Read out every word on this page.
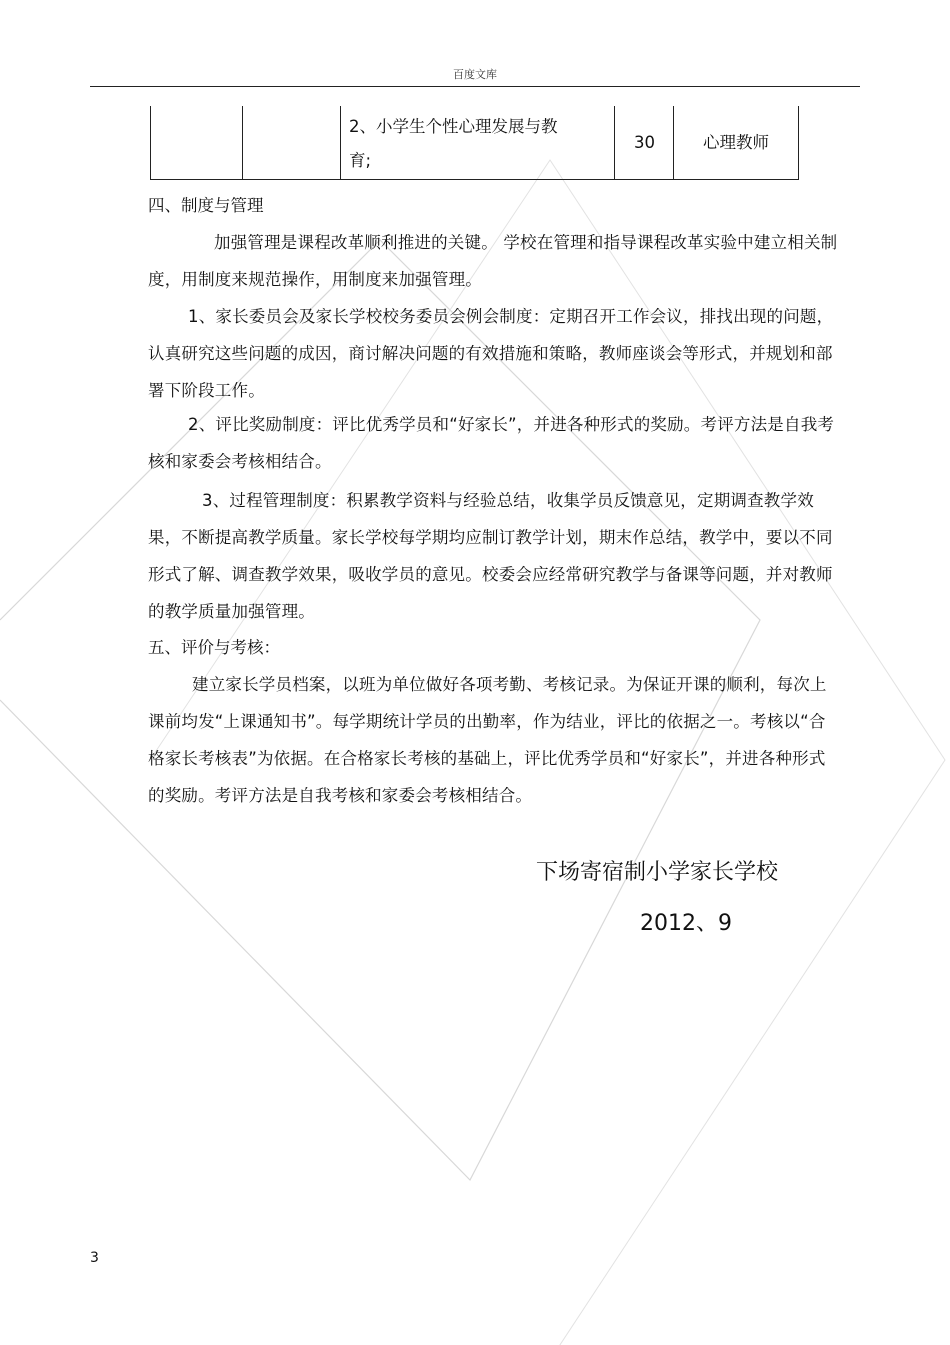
百度文库
2、小学生个性心理发展与教
育;
30	心理教师
四、制度与管理
加强管理是课程改革顺利推进的关键。 学校在管理和指导课程改革实验中建立相关制度，用制度来规范操作，用制度来加强管理。
1、家长委员会及家长学校校务委员会例会制度：定期召开工作会议，排找出现的问题，认真研究这些问题的成因，商讨解决问题的有效措施和策略，教师座谈会等形式，并规划和部署下阶段工作。
2、评比奖励制度：评比优秀学员和“好家长”，并进各种形式的奖励。考评方法是自我考核和家委会考核相结合。
3、过程管理制度：积累教学资料与经验总结，收集学员反馈意见，定期调查教学效果，不断提高教学质量。家长学校每学期均应制订教学计划，期末作总结，教学中，要以不同形式了解、调查教学效果，吸收学员的意见。校委会应经常研究教学与备课等问题，并对教师的教学质量加强管理。
五、评价与考核：
建立家长学员档案，以班为单位做好各项考勤、考核记录。为保证开课的顺利，每次上课前均发“上课通知书”。每学期统计学员的出勤率，作为结业，评比的依据之一。考核以“合格家长考核表”为依据。在合格家长考核的基础上，评比优秀学员和“好家长”，并进各种形式的奖励。考评方法是自我考核和家委会考核相结合。
下场寄宿制小学家长学校
2012、9
3
